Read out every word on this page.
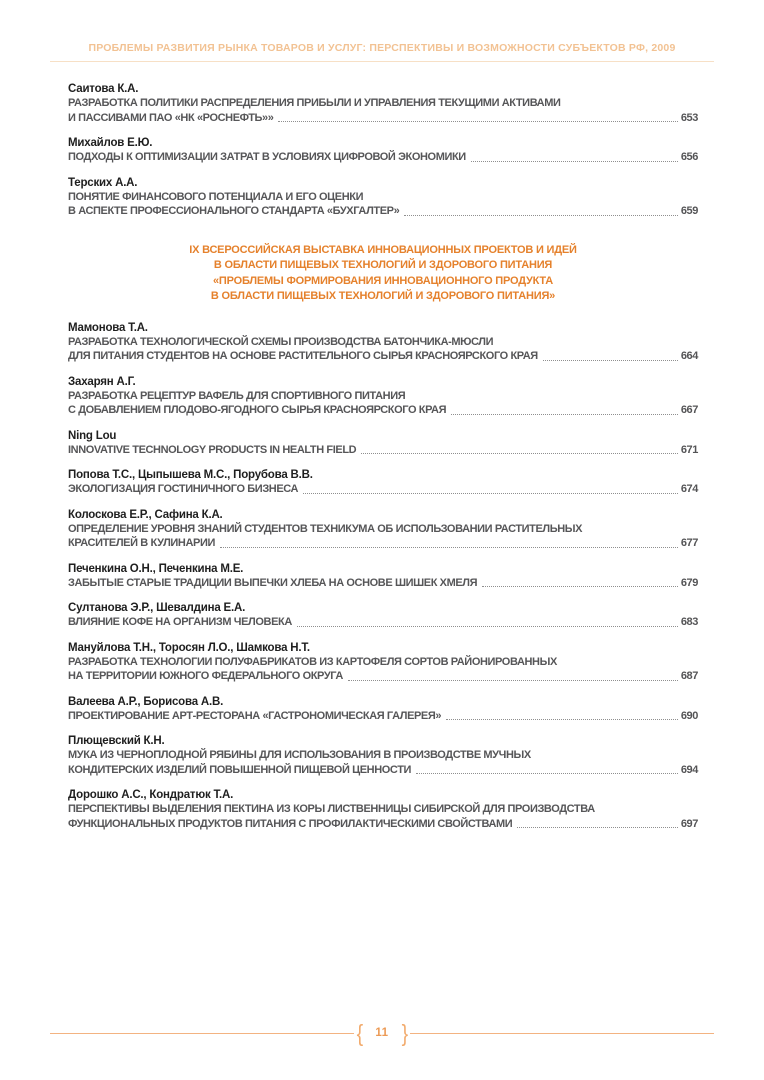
ПРОБЛЕМЫ РАЗВИТИЯ РЫНКА ТОВАРОВ И УСЛУГ: ПЕРСПЕКТИВЫ И ВОЗМОЖНОСТИ СУБЪЕКТОВ РФ, 2009
Саитова К.А.
РАЗРАБОТКА ПОЛИТИКИ РАСПРЕДЕЛЕНИЯ ПРИБЫЛИ И УПРАВЛЕНИЯ ТЕКУЩИМИ АКТИВАМИ
И ПАССИВАМИ ПАО «НК «РОСНЕФТЬ»»	653
Михайлов Е.Ю.
ПОДХОДЫ К ОПТИМИЗАЦИИ ЗАТРАТ В УСЛОВИЯХ ЦИФРОВОЙ ЭКОНОМИКИ	656
Терских А.А.
ПОНЯТИЕ ФИНАНСОВОГО ПОТЕНЦИАЛА И ЕГО ОЦЕНКИ
В АСПЕКТЕ ПРОФЕССИОНАЛЬНОГО СТАНДАРТА «БУХГАЛТЕР»	659
IX ВСЕРОССИЙСКАЯ ВЫСТАВКА ИННОВАЦИОННЫХ ПРОЕКТОВ И ИДЕЙ
В ОБЛАСТИ ПИЩЕВЫХ ТЕХНОЛОГИЙ И ЗДОРОВОГО ПИТАНИЯ
«ПРОБЛЕМЫ ФОРМИРОВАНИЯ ИННОВАЦИОННОГО ПРОДУКТА
В ОБЛАСТИ ПИЩЕВЫХ ТЕХНОЛОГИЙ И ЗДОРОВОГО ПИТАНИЯ»
Мамонова Т.А.
РАЗРАБОТКА ТЕХНОЛОГИЧЕСКОЙ СХЕМЫ ПРОИЗВОДСТВА БАТОНЧИКА-МЮСЛИ
ДЛЯ ПИТАНИЯ СТУДЕНТОВ НА ОСНОВЕ РАСТИТЕЛЬНОГО СЫРЬЯ КРАСНОЯРСКОГО КРАЯ	664
Захарян А.Г.
РАЗРАБОТКА РЕЦЕПТУР ВАФЕЛЬ ДЛЯ СПОРТИВНОГО ПИТАНИЯ
С ДОБАВЛЕНИЕМ ПЛОДОВО-ЯГОДНОГО СЫРЬЯ КРАСНОЯРСКОГО КРАЯ	667
Ning Lou
INNOVATIVE TECHNOLOGY PRODUCTS IN HEALTH FIELD	671
Попова Т.С., Цыпышева М.С., Порубова В.В.
ЭКОЛОГИЗАЦИЯ ГОСТИНИЧНОГО БИЗНЕСА	674
Колоскова Е.Р., Сафина К.А.
ОПРЕДЕЛЕНИЕ УРОВНЯ ЗНАНИЙ СТУДЕНТОВ ТЕХНИКУМА ОБ ИСПОЛЬЗОВАНИИ РАСТИТЕЛЬНЫХ
КРАСИТЕЛЕЙ В КУЛИНАРИИ	677
Печенкина О.Н., Печенкина М.Е.
ЗАБЫТЫЕ СТАРЫЕ ТРАДИЦИИ ВЫПЕЧКИ ХЛЕБА НА ОСНОВЕ ШИШЕК ХМЕЛЯ	679
Султанова Э.Р., Шевалдина Е.А.
ВЛИЯНИЕ КОФЕ НА ОРГАНИЗМ ЧЕЛОВЕКА	683
Мануйлова Т.Н., Торосян Л.О., Шамкова Н.Т.
РАЗРАБОТКА ТЕХНОЛОГИИ ПОЛУФАБРИКАТОВ ИЗ КАРТОФЕЛЯ СОРТОВ РАЙОНИРОВАННЫХ
НА ТЕРРИТОРИИ ЮЖНОГО ФЕДЕРАЛЬНОГО ОКРУГА	687
Валеева А.Р., Борисова А.В.
ПРОЕКТИРОВАНИЕ АРТ-РЕСТОРАНА «ГАСТРОНОМИЧЕСКАЯ ГАЛЕРЕЯ»	690
Плющевский К.Н.
МУКА ИЗ ЧЕРНОПЛОДНОЙ РЯБИНЫ ДЛЯ ИСПОЛЬЗОВАНИЯ В ПРОИЗВОДСТВЕ МУЧНЫХ
КОНДИТЕРСКИХ ИЗДЕЛИЙ ПОВЫШЕННОЙ ПИЩЕВОЙ ЦЕННОСТИ	694
Дорошко А.С., Кондратюк Т.А.
ПЕРСПЕКТИВЫ ВЫДЕЛЕНИЯ ПЕКТИНА ИЗ КОРЫ ЛИСТВЕННИЦЫ СИБИРСКОЙ ДЛЯ ПРОИЗВОДСТВА
ФУНКЦИОНАЛЬНЫХ ПРОДУКТОВ ПИТАНИЯ С ПРОФИЛАКТИЧЕСКИМИ СВОЙСТВАМИ	697
{	11 }
